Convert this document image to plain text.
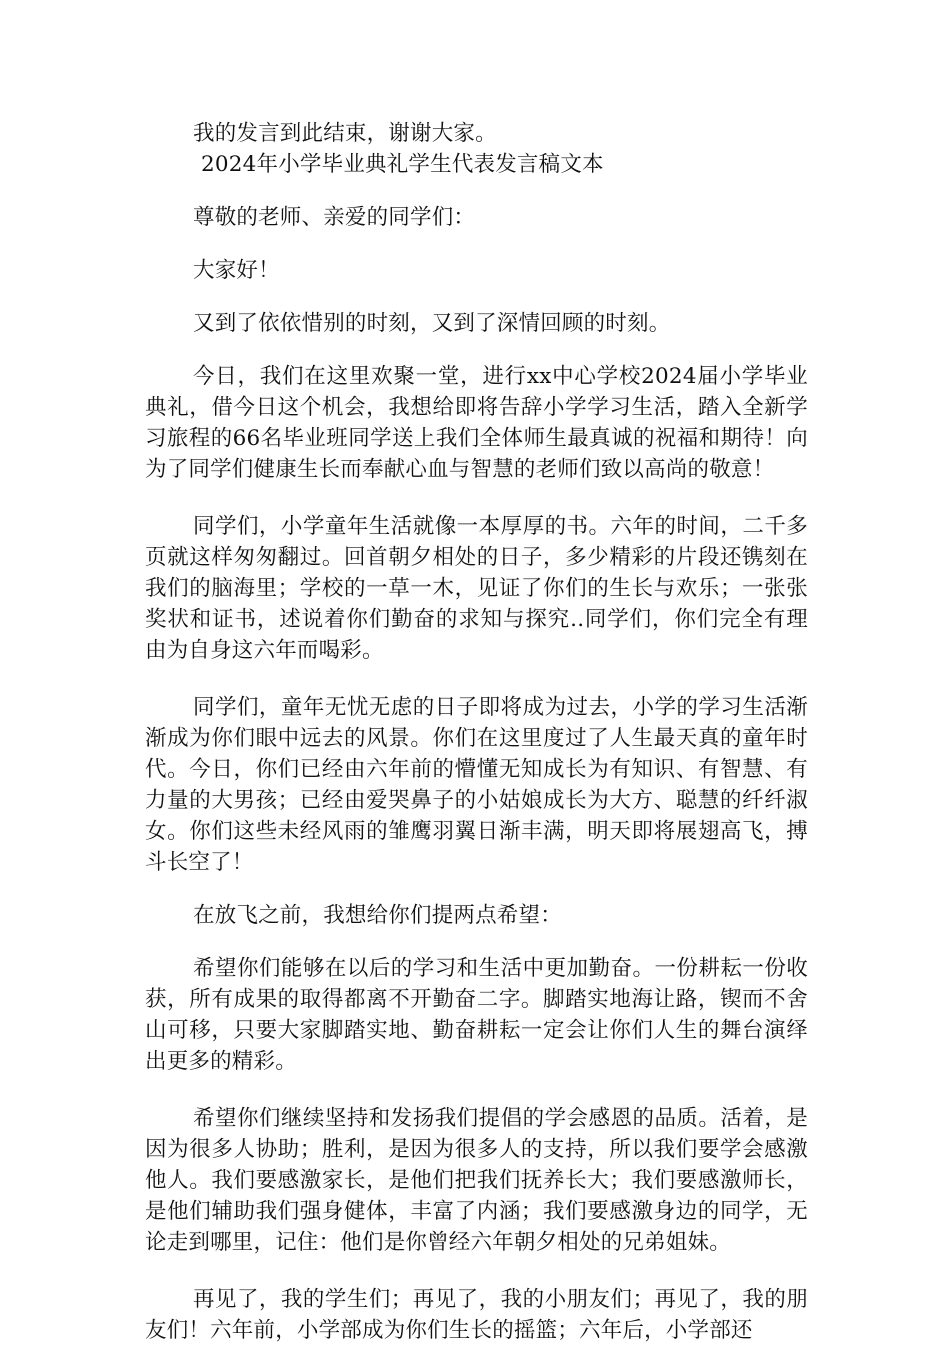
我的发言到此结束，谢谢大家。

2024年小学毕业典礼学生代表发言稿文本

尊敬的老师、亲爱的同学们：

大家好！

又到了依依惜别的时刻，又到了深情回顾的时刻。

今日，我们在这里欢聚一堂，进行xx中心学校2024届小学毕业典礼，借今日这个机会，我想给即将告辞小学学习生活，踏入全新学习旅程的66名毕业班同学送上我们全体师生最真诚的祝福和期待！向为了同学们健康生长而奉献心血与智慧的老师们致以高尚的敬意！

同学们，小学童年生活就像一本厚厚的书。六年的时间，二千多页就这样匆匆翻过。回首朝夕相处的日子，多少精彩的片段还镌刻在我们的脑海里；学校的一草一木，见证了你们的生长与欢乐；一张张奖状和证书，述说着你们勤奋的求知与探究..同学们，你们完全有理由为自身这六年而喝彩。

同学们，童年无忧无虑的日子即将成为过去，小学的学习生活渐渐成为你们眼中远去的风景。你们在这里度过了人生最天真的童年时代。今日，你们已经由六年前的懵懂无知成长为有知识、有智慧、有力量的大男孩；已经由爱哭鼻子的小姑娘成长为大方、聪慧的纤纤淑女。你们这些未经风雨的雏鹰羽翼日渐丰满，明天即将展翅高飞，搏斗长空了！

在放飞之前，我想给你们提两点希望：

希望你们能够在以后的学习和生活中更加勤奋。一份耕耘一份收获，所有成果的取得都离不开勤奋二字。脚踏实地海让路，锲而不舍山可移，只要大家脚踏实地、勤奋耕耘一定会让你们人生的舞台演绎出更多的精彩。

希望你们继续坚持和发扬我们提倡的学会感恩的品质。活着，是因为很多人协助；胜利，是因为很多人的支持，所以我们要学会感激他人。我们要感激家长，是他们把我们抚养长大；我们要感激师长，是他们辅助我们强身健体，丰富了内涵；我们要感激身边的同学，无论走到哪里，记住：他们是你曾经六年朝夕相处的兄弟姐妹。

再见了，我的学生们；再见了，我的小朋友们；再见了，我的朋友们！六年前，小学部成为你们生长的摇篮；六年后，小学部还
